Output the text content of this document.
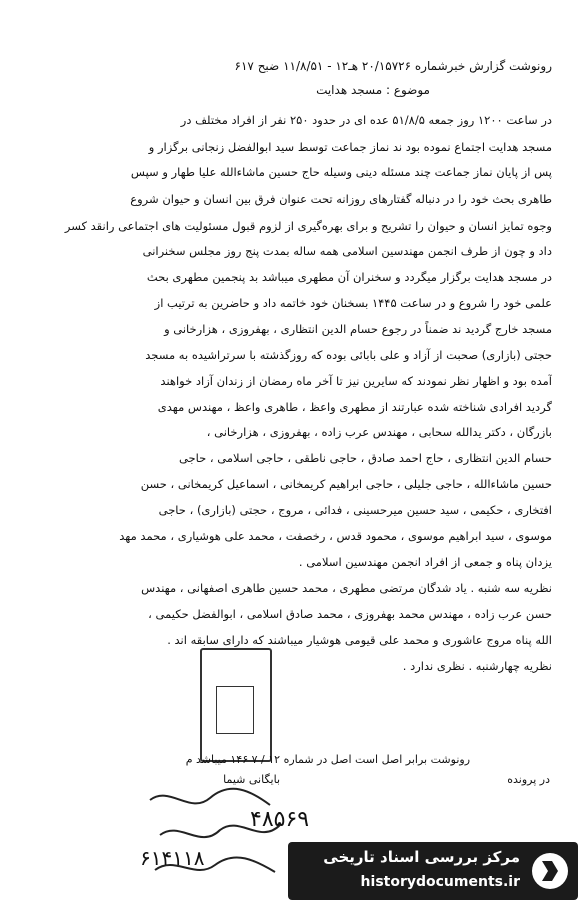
رونوشت گزارش خبرشماره ۲۰/۱۵۷۲۶ هـ۱۲ - ۱۱/۸/۵۱ ضبح ۶۱۷
موضوع : مسجد هدایت
در ساعت ۱۲۰۰ روز جمعه ۵۱/۸/۵ عده ای در حدود ۲۵۰ نفر از افراد مختلف در
مسجد هدایت اجتماع نموده بود ند نماز جماعت توسط سید ابوالفضل زنجانی برگزار و
پس از پایان نماز جماعت چند مسئله دینی وسیله حاج حسین ماشاءالله علیا طهار و سپس
طاهری بحث خود را در دنباله گفتارهای روزانه تحت عنوان فرق بین انسان و حیوان شروع
وجوه تمایز انسان و حیوان را تشریح و برای بهره‌گیری از لزوم قبول مسئولیت های اجتماعی رانقد کسر
داد و چون از طرف انجمن مهندسین اسلامی همه ساله بمدت پنج روز مجلس سخنرانی
در مسجد هدایت برگزار میگردد و سخنران آن مطهری میباشد بد پنجمین مطهری بحث
علمی خود را شروع و در ساعت ۱۴۴۵ بسخنان خود خاتمه داد و حاضرین به ترتیب از
مسجد خارج گردید ند ضمناً در رجوع حسام الدین انتظاری ، بهفروزی ، هزارخانی و
حجتی (بازاری) صحبت از آزاد و علی بابائی بوده که روزگذشته با سرتراشیده به مسجد
آمده بود و اظهار نظر نمودند که سایرین نیز تا آخر ماه رمضان از زندان آزاد خواهند
گردید افرادی شناخته شده عبارتند از مطهری واعظ ، طاهری واعظ ، مهندس مهدی
بازرگان ، دکتر یدالله سحابی ، مهندس عرب زاده ، بهفروزی ، هزارخانی ،
حسام الدین انتظاری ، حاج احمد صادق ، حاجی ناطقی ، حاجی اسلامی ، حاجی
حسین ماشاءالله ، حاجی جلیلی ، حاجی ابراهیم کریمخانی ، اسماعیل کریمخانی ، حسن
افتخاری ، حکیمی ، سید حسین میرحسینی ، فدائی ، مروج ، حجتی (بازاری) ، حاجی
موسوی ، سید ابراهیم موسوی ، محمود قدس ، رخصفت ، محمد علی هوشیاری ، محمد مهد
یزدان پناه و جمعی از افراد انجمن مهندسین اسلامی .
نظریه سه شنبه . یاد شدگان مرتضی مطهری ، محمد حسین طاهری اصفهانی ، مهندس
حسن عرب زاده ، مهندس محمد بهفروزی ، محمد صادق اسلامی ، ابوالفضل حکیمی ،
الله پناه مروج عاشوری و محمد علی قیومی هوشیار میباشند که دارای سابقه اند .
نظریه چهارشنبه . نظری ندارد .
رونوشت برابر اصل است اصل در شماره ۱۲ / ۷ ۱۴۶ میباشد م
بایگانی شیما	در پرونده
۴۸۵۶۹
۶۱۴۱۱۸	مرکز بررسی اسناد تاریخی
historydocuments.ir
